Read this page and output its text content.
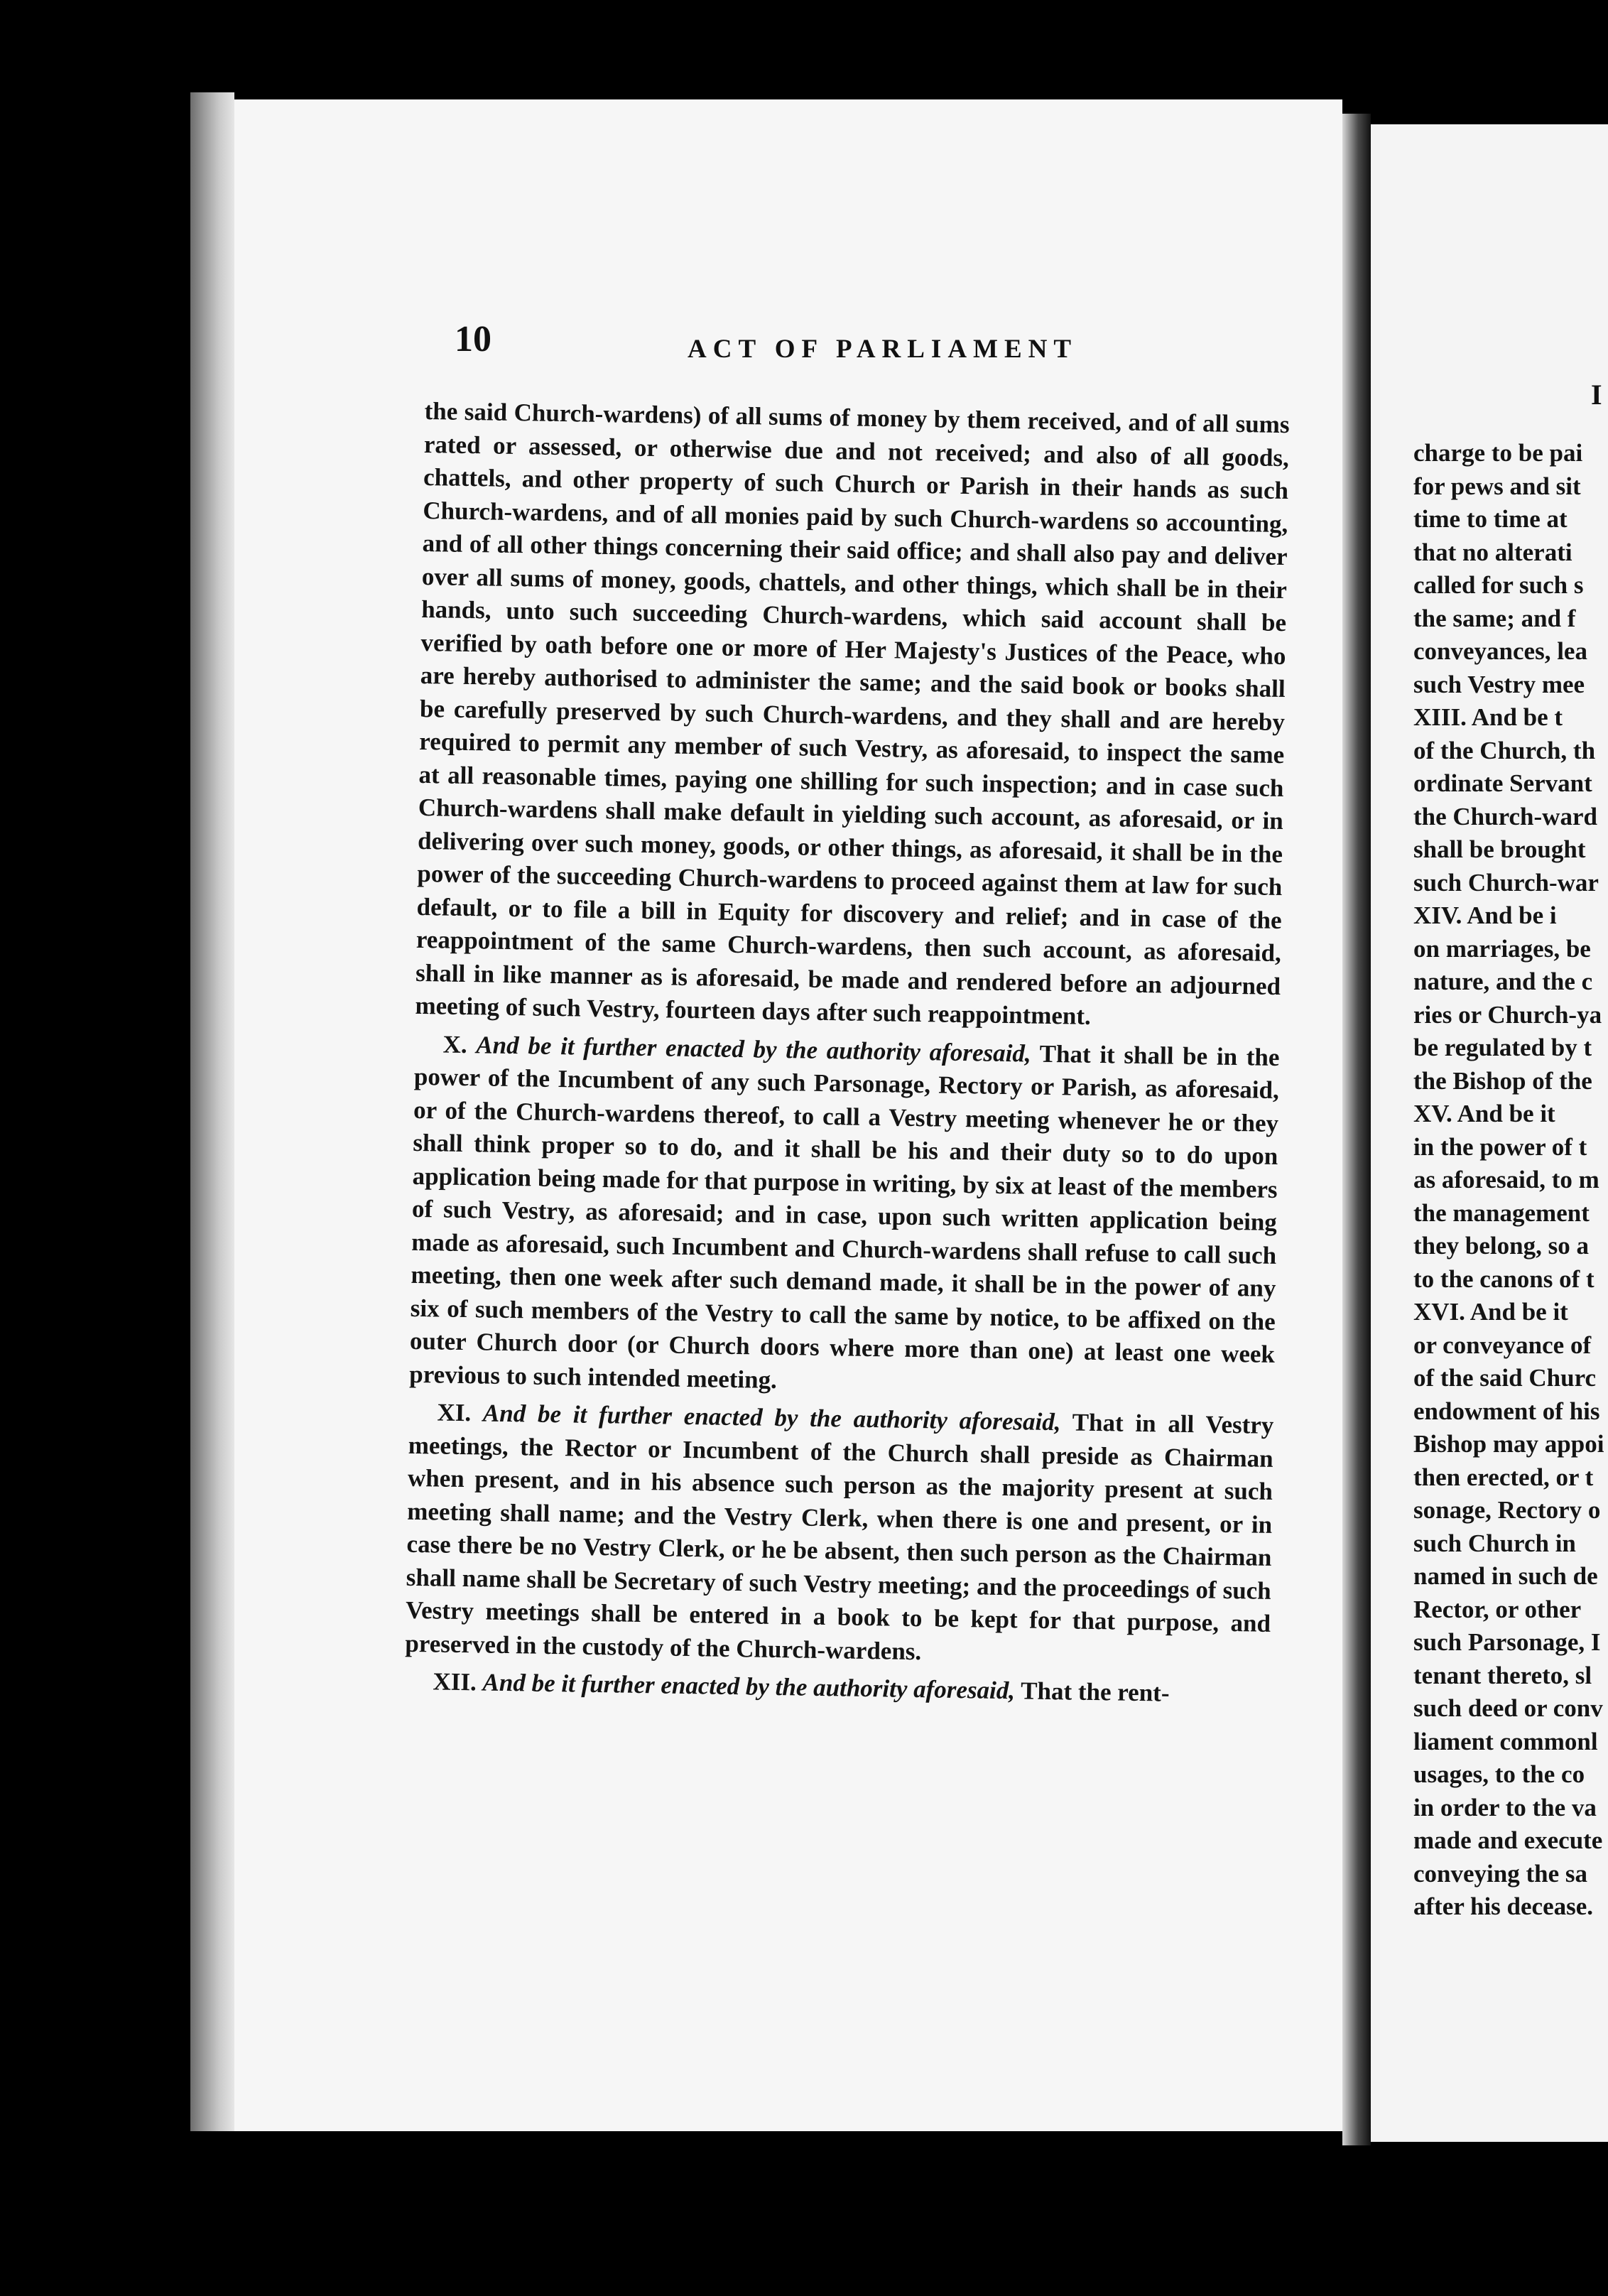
10	ACT OF PARLIAMENT

the said Church-wardens) of all sums of money by them received, and of all sums rated or assessed, or otherwise due and not received; and also of all goods, chattels, and other property of such Church or Parish in their hands as such Church-wardens, and of all monies paid by such Church-wardens so accounting, and of all other things concerning their said office; and shall also pay and deliver over all sums of money, goods, chattels, and other things, which shall be in their hands, unto such succeeding Church-wardens, which said account shall be verified by oath before one or more of Her Majesty's Justices of the Peace, who are hereby authorised to administer the same; and the said book or books shall be carefully preserved by such Church-wardens, and they shall and are hereby required to permit any member of such Vestry, as aforesaid, to inspect the same at all reasonable times, paying one shilling for such inspection; and in case such Church-wardens shall make default in yielding such account, as aforesaid, or in delivering over such money, goods, or other things, as aforesaid, it shall be in the power of the succeeding Church-wardens to proceed against them at law for such default, or to file a bill in Equity for discovery and relief; and in case of the reappointment of the same Church-wardens, then such account, as aforesaid, shall in like manner as is aforesaid, be made and rendered before an adjourned meeting of such Vestry, fourteen days after such reappointment.

X. And be it further enacted by the authority aforesaid, That it shall be in the power of the Incumbent of any such Parsonage, Rectory or Parish, as aforesaid, or of the Church-wardens thereof, to call a Vestry meeting whenever he or they shall think proper so to do, and it shall be his and their duty so to do upon application being made for that purpose in writing, by six at least of the members of such Vestry, as aforesaid; and in case, upon such written application being made as aforesaid, such Incumbent and Church-wardens shall refuse to call such meeting, then one week after such demand made, it shall be in the power of any six of such members of the Vestry to call the same by notice, to be affixed on the outer Church door (or Church doors where more than one) at least one week previous to such intended meeting.

XI. And be it further enacted by the authority aforesaid, That in all Vestry meetings, the Rector or Incumbent of the Church shall preside as Chairman when present, and in his absence such person as the majority present at such meeting shall name; and the Vestry Clerk, when there is one and present, or in case there be no Vestry Clerk, or he be absent, then such person as the Chairman shall name shall be Secretary of such Vestry meeting; and the proceedings of such Vestry meetings shall be entered in a book to be kept for that purpose, and preserved in the custody of the Church-wardens.

XII. And be it further enacted by the authority aforesaid, That the rent-

I
charge to be pai
for pews and sit
time to time at
that no alterati
called for such s
the same; and f
conveyances, lea
such Vestry mee
XIII. And be t
of the Church, th
ordinate Servant
the Church-ward
shall be brought
such Church-war
XIV. And be i
on marriages, be
nature, and the c
ries or Church-ya
be regulated by t
the Bishop of the
XV. And be it
in the power of t
as aforesaid, to m
the management
they belong, so a
to the canons of t
XVI. And be it
or conveyance of
of the said Churc
endowment of his
Bishop may appoi
then erected, or t
sonage, Rectory o
such Church in
named in such de
Rector, or other
such Parsonage, I
tenant thereto, sl
such deed or conv
liament commonl
usages, to the co
in order to the va
made and execute
conveying the sa
after his decease.
